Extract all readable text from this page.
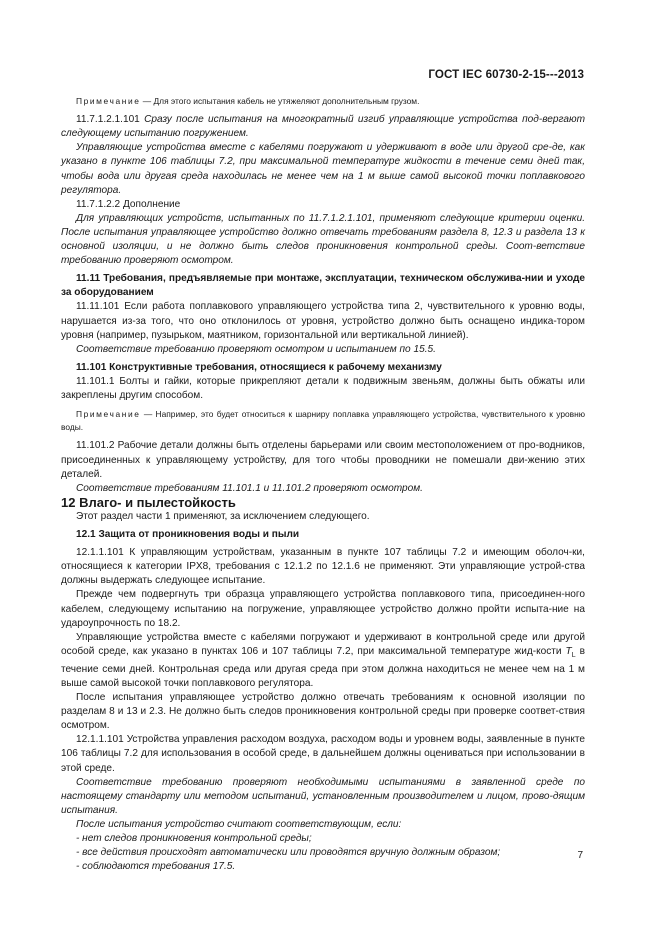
ГОСТ IEC 60730-2-15---2013

Примечание — Для этого испытания кабель не утяжеляют дополнительным грузом.

11.7.1.2.1.101 Сразу после испытания на многократный изгиб управляющие устройства под-вергают следующему испытанию погружением.

Управляющие устройства вместе с кабелями погружают и удерживают в воде или другой сре-де, как указано в пункте 106 таблицы 7.2, при максимальной температуре жидкости в течение семи дней так, чтобы вода или другая среда находилась не менее чем на 1 м выше самой высокой точки поплавкового регулятора.

11.7.1.2.2 Дополнение

Для управляющих устройств, испытанных по 11.7.1.2.1.101, применяют следующие критерии оценки. После испытания управляющее устройство должно отвечать требованиям раздела 8, 12.3 и раздела 13 к основной изоляции, и не должно быть следов проникновения контрольной среды. Соот-ветствие требованию проверяют осмотром.

11.11 Требования, предъявляемые при монтаже, эксплуатации, техническом обслужива-нии и уходе за оборудованием

11.11.101 Если работа поплавкового управляющего устройства типа 2, чувствительного к уровню воды, нарушается из-за того, что оно отклонилось от уровня, устройство должно быть оснащено индика-тором уровня (например, пузырьком, маятником, горизонтальной или вертикальной линией).

Соответствие требованию проверяют осмотром и испытанием по 15.5.

11.101 Конструктивные требования, относящиеся к рабочему механизму

11.101.1 Болты и гайки, которые прикрепляют детали к подвижным звеньям, должны быть обжаты или закреплены другим способом.

Примечание — Например, это будет относиться к шарниру поплавка управляющего устройства, чувствительного к уровню воды.

11.101.2 Рабочие детали должны быть отделены барьерами или своим местоположением от про-водников, присоединенных к управляющему устройству, для того чтобы проводники не помешали дви-жению этих деталей.

Соответствие требованиям 11.101.1 и 11.101.2 проверяют осмотром.

12 Влаго- и пылестойкость

Этот раздел части 1 применяют, за исключением следующего.

12.1 Защита от проникновения воды и пыли

12.1.1.101 К управляющим устройствам, указанным в пункте 107 таблицы 7.2 и имеющим оболоч-ки, относящиеся к категории IPX8, требования с 12.1.2 по 12.1.6 не применяют. Эти управляющие устрой-ства должны выдержать следующее испытание.

Прежде чем подвергнуть три образца управляющего устройства поплавкового типа, присоединен-ного кабелем, следующему испытанию на погружение, управляющее устройство должно пройти испыта-ние на удароупрочность по 18.2.

Управляющие устройства вместе с кабелями погружают и удерживают в контрольной среде или другой особой среде, как указано в пунктах 106 и 107 таблицы 7.2, при максимальной температуре жид-кости $T_L$ в течение семи дней. Контрольная среда или другая среда при этом должна находиться не менее чем на 1 м выше самой высокой точки поплавкового регулятора.

После испытания управляющее устройство должно отвечать требованиям к основной изоляции по разделам 8 и 13 и 2.3. Не должно быть следов проникновения контрольной среды при проверке соответ-ствия осмотром.

12.1.1.101 Устройства управления расходом воздуха, расходом воды и уровнем воды, заявленные в пункте 106 таблицы 7.2 для использования в особой среде, в дальнейшем должны оцениваться при использовании в этой среде.

Соответствие требованию проверяют необходимыми испытаниями в заявленной среде по настоящему стандарту или методом испытаний, установленным производителем и лицом, прово-дящим испытания.

После испытания устройство считают соответствующим, если:

- нет следов проникновения контрольной среды;

- все действия происходят автоматически или проводятся вручную должным образом;

- соблюдаются требования 17.5.

7
